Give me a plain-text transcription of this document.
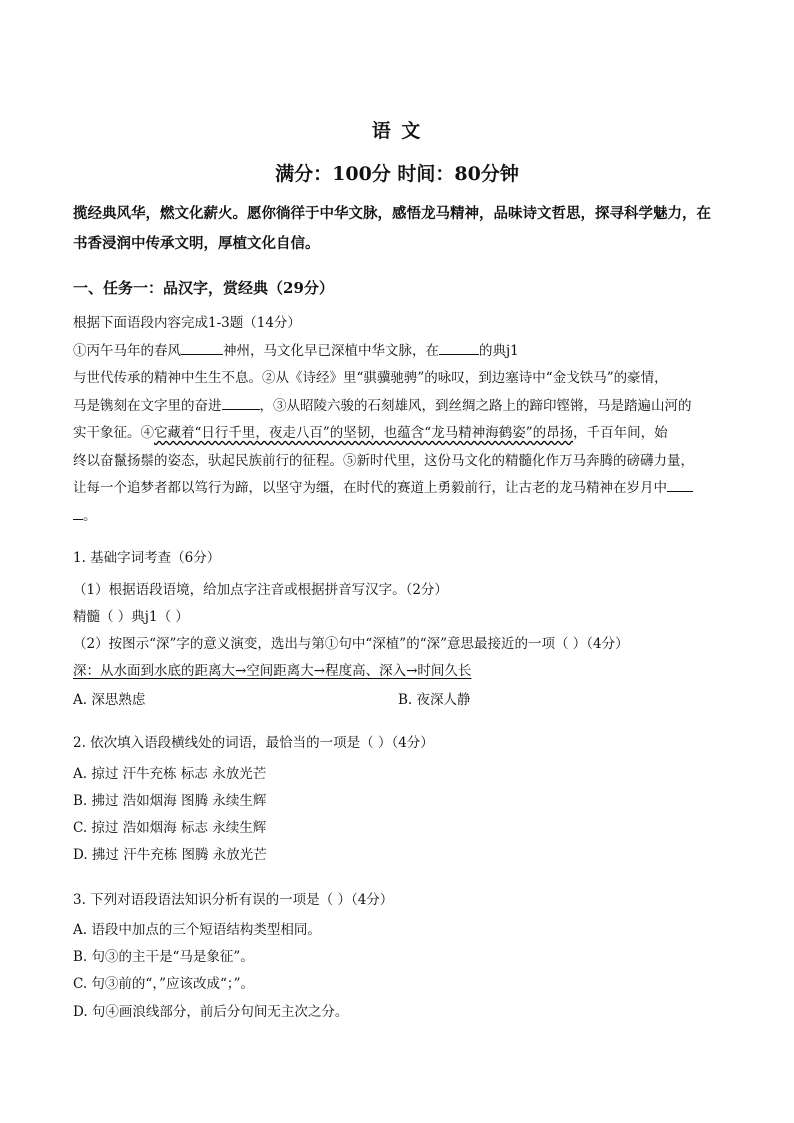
语 文
满分：100分 时间：80分钟
揽经典风华，燃文化薪火。愿你徜徉于中华文脉，感悟龙马精神，品味诗文哲思，探寻科学魅力，在书香浸润中传承文明，厚植文化自信。
一、任务一：品汉字，赏经典（29分）
根据下面语段内容完成1-3题（14分）
①丙午马年的春风	神州，马文化早已深植中华文脉，在	的典j1
与世代传承的精神中生生不息。②从《诗经》里“骐骥驰骋”的咏叹，到边塞诗中“金戈铁马”的豪情，
马是镌刻在文字里的奋进	，③从昭陵六骏的石刻雄风，到丝绸之路上的蹄印铿锵，马是踏遍山河的
实干象征。④它藏着“日行千里，夜走八百”的坚韧，也蕴含“龙马精神海鹤姿”的昂扬，千百年间，始
终以奋鬣扬鬃的姿态，驮起民族前行的征程。⑤新时代里，这份马文化的精髓化作万马奔腾的磅礴力量，
让每一个追梦者都以笃行为蹄，以坚守为缰，在时代的赛道上勇毅前行，让古老的龙马精神在岁月中
。
1. 基础字词考查（6分）
（1）根据语段语境，给加点字注音或根据拼音写汉字。（2分）
精髓（ ）典j1（ ）
（2）按图示“深”字的意义演变，选出与第①句中“深植”的“深”意思最接近的一项（ ）（4分）
深：从水面到水底的距离大→空间距离大→程度高、深入→时间久长
A. 深思熟虑	B. 夜深人静
2. 依次填入语段横线处的词语，最恰当的一项是（ ）（4分）
A. 掠过 汗牛充栋 标志 永放光芒
B. 拂过 浩如烟海 图腾 永续生辉
C. 掠过 浩如烟海 标志 永续生辉
D. 拂过 汗牛充栋 图腾 永放光芒
3. 下列对语段语法知识分析有误的一项是（ ）（4分）
A. 语段中加点的三个短语结构类型相同。
B. 句③的主干是“马是象征”。
C. 句③前的“，”应该改成“；”。
D. 句④画浪线部分，前后分句间无主次之分。
